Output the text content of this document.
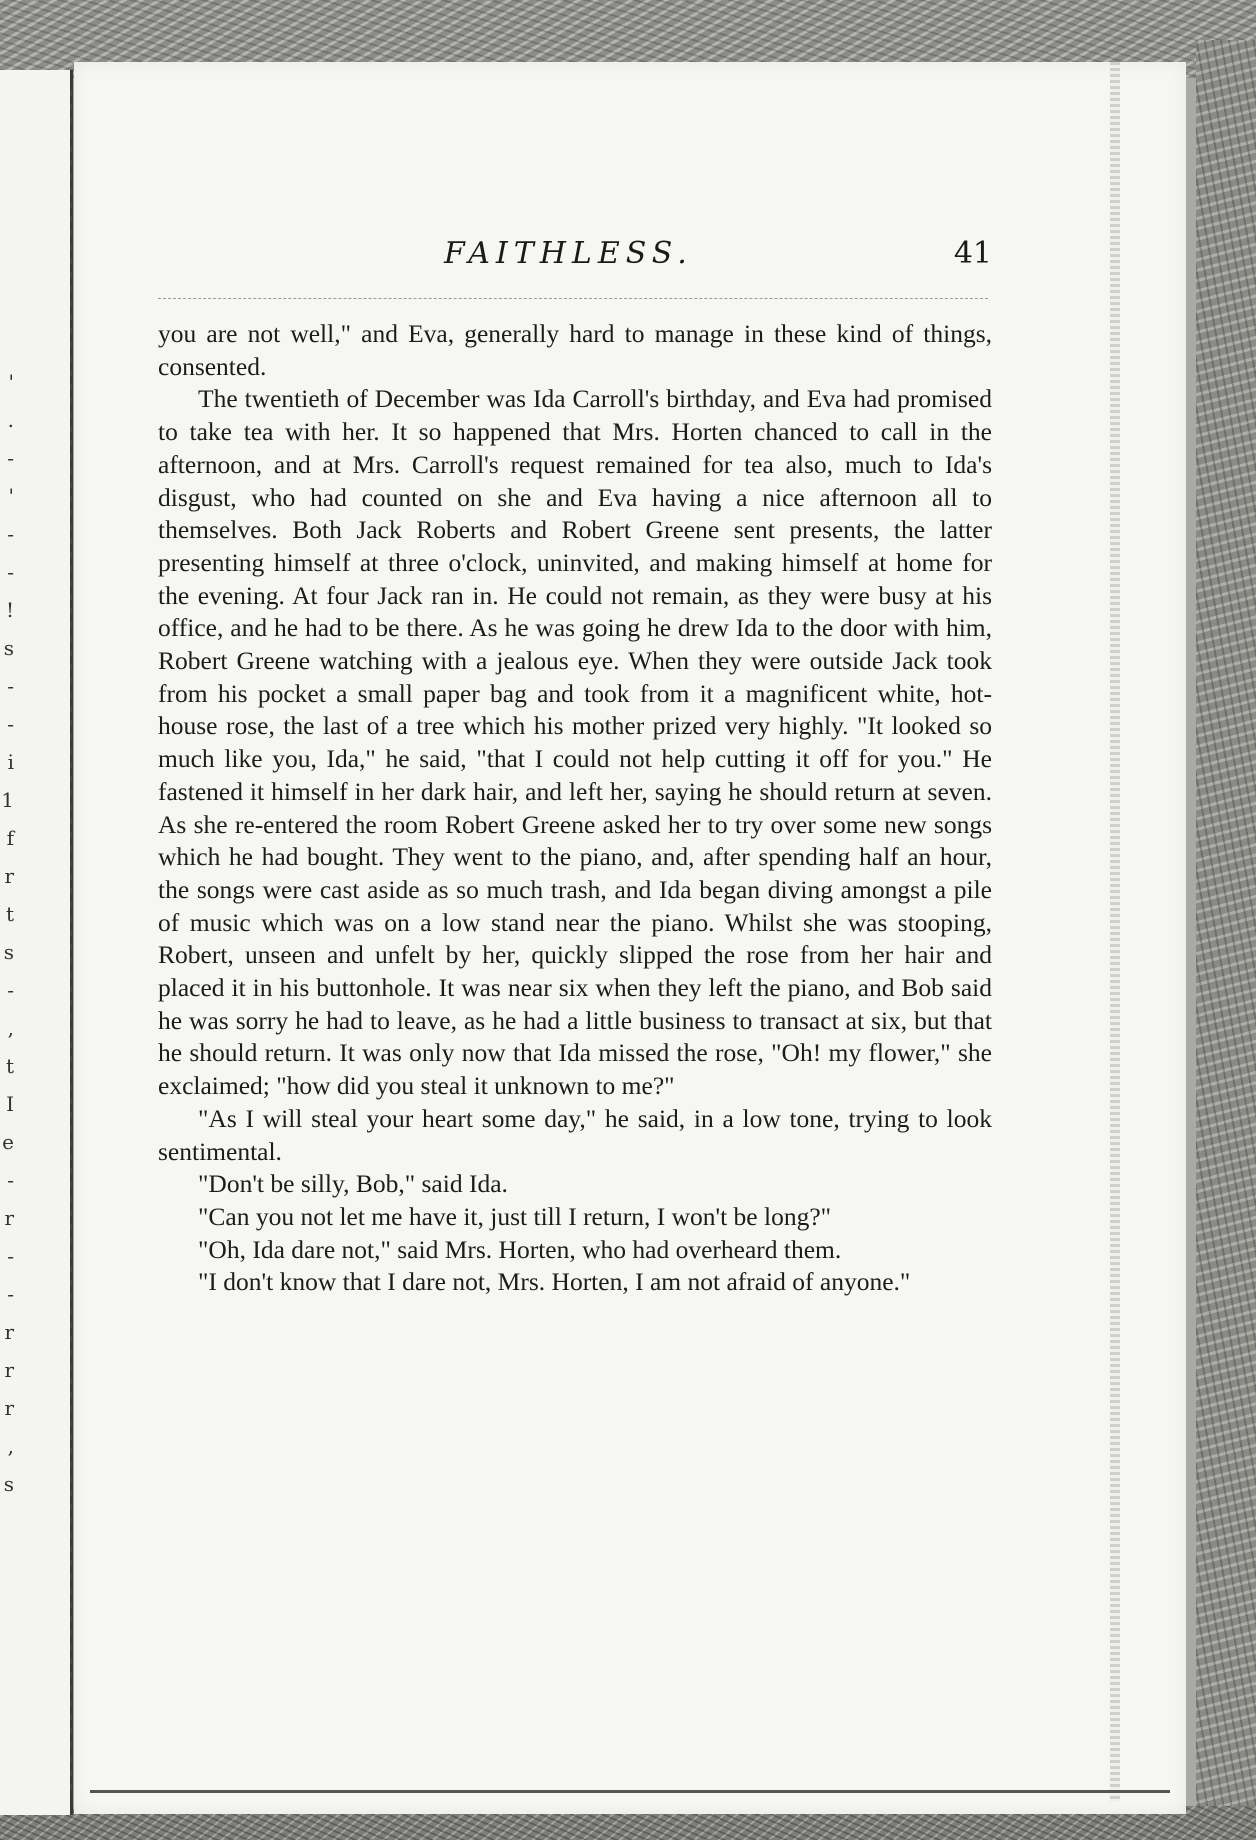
'
.
-
'
-
-
!
s
-
-
i
1
f
r
t
s
-
,
t
I
e
-
r
-
-
r
r
r
,
s
FAITHLESS.	41

you are not well," and Eva, generally hard to manage in these kind of things, consented.

The twentieth of December was Ida Carroll's birthday, and Eva had promised to take tea with her. It so happened that Mrs. Horten chanced to call in the afternoon, and at Mrs. Carroll's request remained for tea also, much to Ida's disgust, who had counted on she and Eva having a nice afternoon all to themselves. Both Jack Roberts and Robert Greene sent presents, the latter presenting himself at three o'clock, uninvited, and making himself at home for the evening. At four Jack ran in. He could not remain, as they were busy at his office, and he had to be there. As he was going he drew Ida to the door with him, Robert Greene watching with a jealous eye. When they were outside Jack took from his pocket a small paper bag and took from it a magnificent white, hot-house rose, the last of a tree which his mother prized very highly. "It looked so much like you, Ida," he said, "that I could not help cutting it off for you." He fastened it himself in her dark hair, and left her, saying he should return at seven. As she re-entered the room Robert Greene asked her to try over some new songs which he had bought. They went to the piano, and, after spending half an hour, the songs were cast aside as so much trash, and Ida began diving amongst a pile of music which was on a low stand near the piano. Whilst she was stooping, Robert, unseen and unfelt by her, quickly slipped the rose from her hair and placed it in his buttonhole. It was near six when they left the piano, and Bob said he was sorry he had to leave, as he had a little business to transact at six, but that he should return. It was only now that Ida missed the rose, "Oh! my flower," she exclaimed; "how did you steal it unknown to me?"

"As I will steal your heart some day," he said, in a low tone, trying to look sentimental.

"Don't be silly, Bob," said Ida.

"Can you not let me have it, just till I return, I won't be long?"

"Oh, Ida dare not," said Mrs. Horten, who had overheard them.

"I don't know that I dare not, Mrs. Horten, I am not afraid of anyone."
